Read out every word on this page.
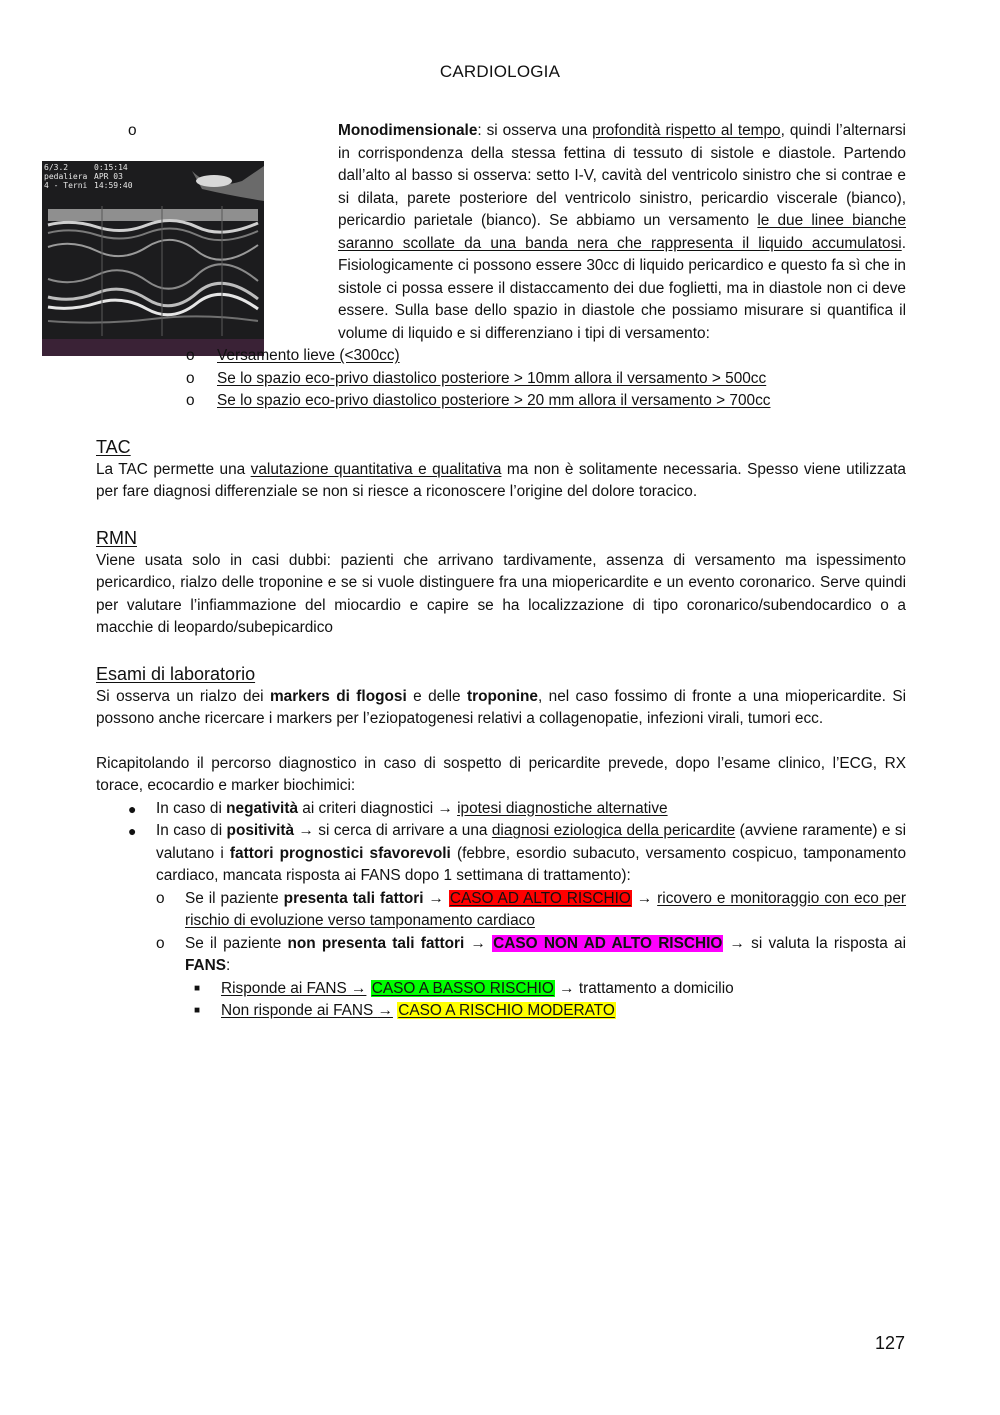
CARDIOLOGIA
o
6/3.2
pedaliera
4 - Terni
0:15:14
APR 03
14:59:40

Monodimensionale: si osserva una profondità rispetto al tempo, quindi l’alternarsi in corrispondenza della stessa fettina di tessuto di sistole e diastole. Partendo dall’alto al basso si osserva: setto I-V, cavità del ventricolo sinistro che si contrae e si dilata, parete posteriore del ventricolo sinistro, pericardio viscerale (bianco), pericardio parietale (bianco). Se abbiamo un versamento le due linee bianche saranno scollate da una banda nera che rappresenta il liquido accumulatosi. Fisiologicamente ci possono essere 30cc di liquido pericardico e questo fa sì che in sistole ci possa essere il distaccamento dei due foglietti, ma in diastole non ci deve essere. Sulla base dello spazio in diastole che possiamo misurare si quantifica il volume di liquido e si differenziano i tipi di versamento:

o Versamento lieve (<300cc)
o Se lo spazio eco-privo diastolico posteriore > 10mm allora il versamento > 500cc
o Se lo spazio eco-privo diastolico posteriore > 20 mm allora il versamento > 700cc
TAC

La TAC permette una valutazione quantitativa e qualitativa ma non è solitamente necessaria. Spesso viene utilizzata per fare diagnosi differenziale se non si riesce a riconoscere l’origine del dolore toracico.

RMN

Viene usata solo in casi dubbi: pazienti che arrivano tardivamente, assenza di versamento ma ispessimento pericardico, rialzo delle troponine e se si vuole distinguere fra una miopericardite e un evento coronarico. Serve quindi per valutare l’infiammazione del miocardio e capire se ha localizzazione di tipo coronarico/subendocardico o a macchie di leopardo/subepicardico

Esami di laboratorio

Si osserva un rialzo dei markers di flogosi e delle troponine, nel caso fossimo di fronte a una miopericardite. Si possono anche ricercare i markers per l’eziopatogenesi relativi a collagenopatie, infezioni virali, tumori ecc.

Ricapitolando il percorso diagnostico in caso di sospetto di pericardite prevede, dopo l’esame clinico, l’ECG, RX torace, ecocardio e marker biochimici:

● In caso di negatività ai criteri diagnostici → ipotesi diagnostiche alternative
● In caso di positività → si cerca di arrivare a una diagnosi eziologica della pericardite (avviene raramente) e si valutano i fattori prognostici sfavorevoli (febbre, esordio subacuto, versamento cospicuo, tamponamento cardiaco, mancata risposta ai FANS dopo 1 settimana di trattamento):
o Se il paziente presenta tali fattori → CASO AD ALTO RISCHIO → ricovero e monitoraggio con eco per rischio di evoluzione verso tamponamento cardiaco
o Se il paziente non presenta tali fattori → CASO NON AD ALTO RISCHIO → si valuta la risposta ai FANS:
■ Risponde ai FANS → CASO A BASSO RISCHIO → trattamento a domicilio
■ Non risponde ai FANS → CASO A RISCHIO MODERATO
127
